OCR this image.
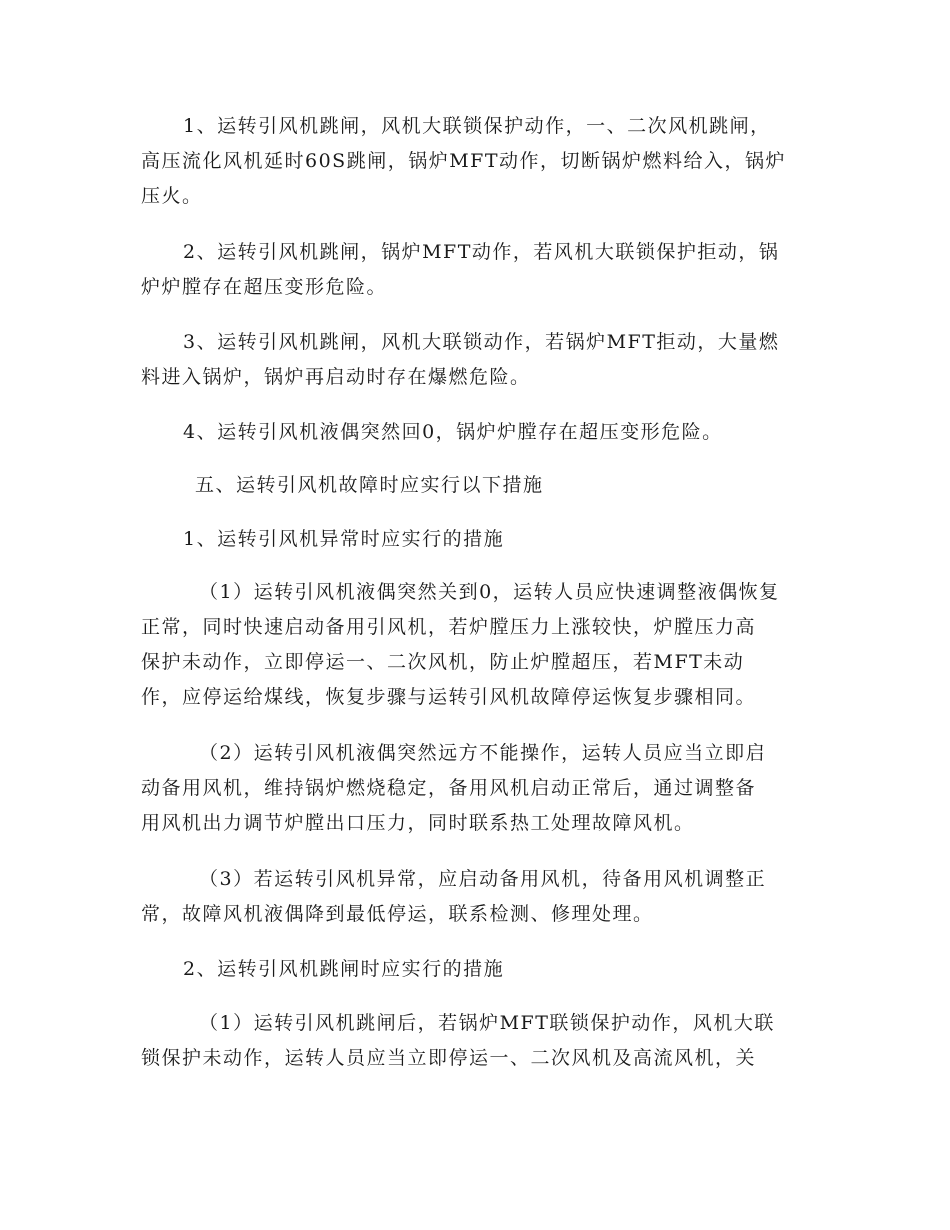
1、运转引风机跳闸，风机大联锁保护动作，一、二次风机跳闸，
高压流化风机延时60S跳闸，锅炉MFT动作，切断锅炉燃料给入，锅炉
压火。

2、运转引风机跳闸，锅炉MFT动作，若风机大联锁保护拒动，锅
炉炉膛存在超压变形危险。

3、运转引风机跳闸，风机大联锁动作，若锅炉MFT拒动，大量燃
料进入锅炉，锅炉再启动时存在爆燃危险。

4、运转引风机液偶突然回0，锅炉炉膛存在超压变形危险。

五、运转引风机故障时应实行以下措施

1、运转引风机异常时应实行的措施

（1）运转引风机液偶突然关到0，运转人员应快速调整液偶恢复
正常，同时快速启动备用引风机，若炉膛压力上涨较快，炉膛压力高
保护未动作，立即停运一、二次风机，防止炉膛超压，若MFT未动
作，应停运给煤线，恢复步骤与运转引风机故障停运恢复步骤相同。

（2）运转引风机液偶突然远方不能操作，运转人员应当立即启
动备用风机，维持锅炉燃烧稳定，备用风机启动正常后，通过调整备
用风机出力调节炉膛出口压力，同时联系热工处理故障风机。

（3）若运转引风机异常，应启动备用风机，待备用风机调整正
常，故障风机液偶降到最低停运，联系检测、修理处理。

2、运转引风机跳闸时应实行的措施

（1）运转引风机跳闸后，若锅炉MFT联锁保护动作，风机大联
锁保护未动作，运转人员应当立即停运一、二次风机及高流风机，关
